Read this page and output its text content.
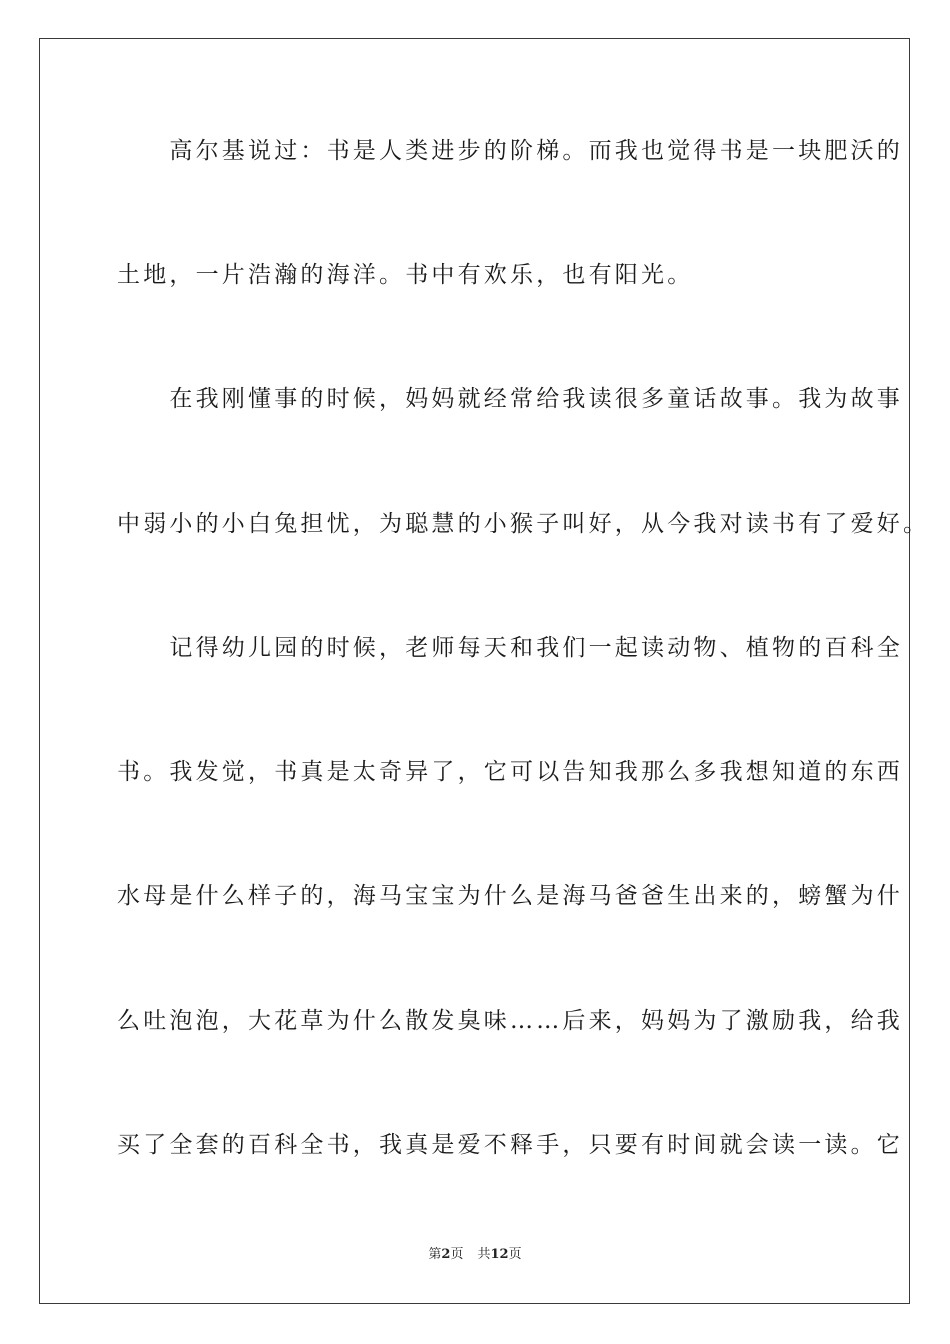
　　高尔基说过：书是人类进步的阶梯。而我也觉得书是一块肥沃的
土地，一片浩瀚的海洋。书中有欢乐，也有阳光。
　　在我刚懂事的时候，妈妈就经常给我读很多童话故事。我为故事
中弱小的小白兔担忧，为聪慧的小猴子叫好，从今我对读书有了爱好。
　　记得幼儿园的时候，老师每天和我们一起读动物、植物的百科全
书。我发觉，书真是太奇异了，它可以告知我那么多我想知道的东西
水母是什么样子的，海马宝宝为什么是海马爸爸生出来的，螃蟹为什
么吐泡泡，大花草为什么散发臭味……后来，妈妈为了激励我，给我
买了全套的百科全书，我真是爱不释手，只要有时间就会读一读。它
第2页 共12页
